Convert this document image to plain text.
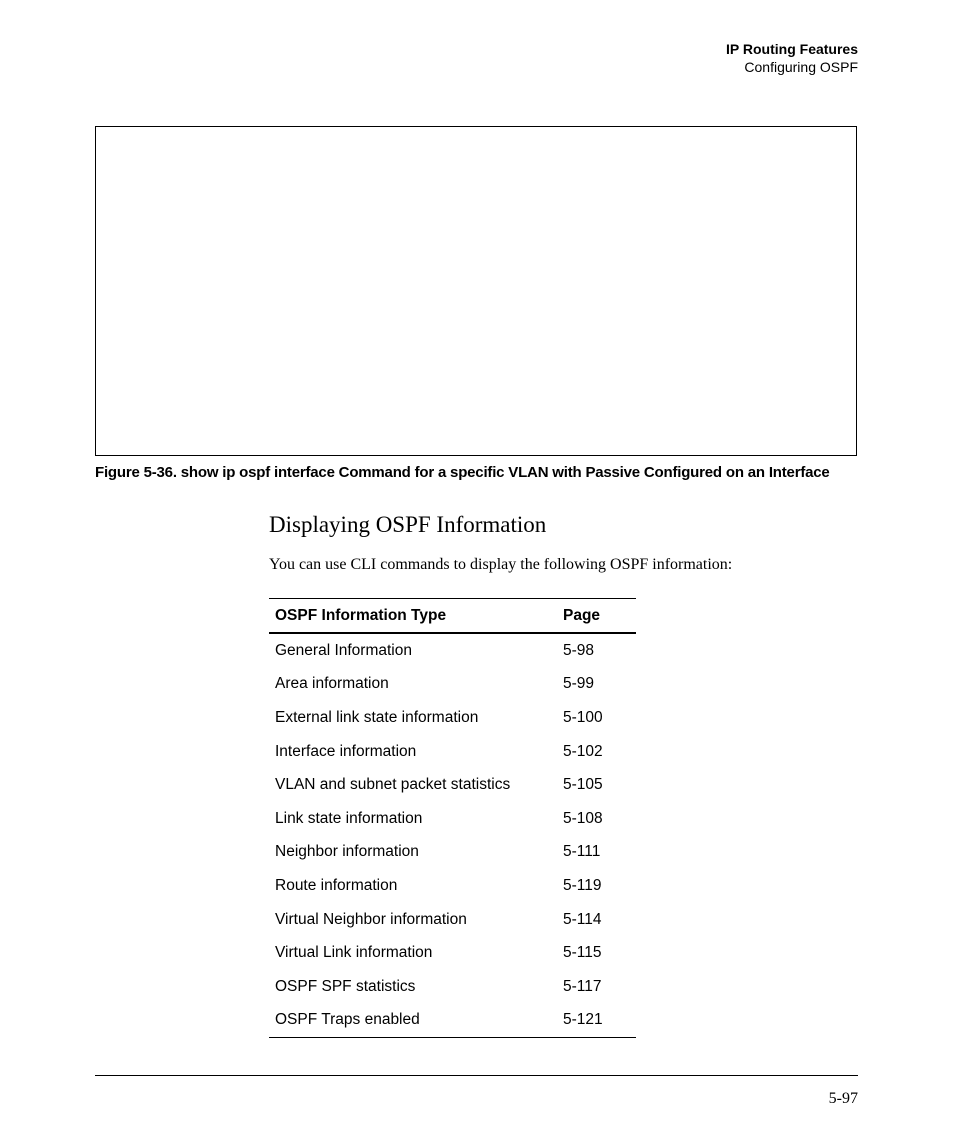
IP Routing Features
Configuring OSPF
Figure 5-36. show ip ospf interface Command for a specific VLAN with Passive Configured on an Interface
Displaying OSPF Information

You can use CLI commands to display the following OSPF information:

OSPF Information Type	Page
General Information	5-98
Area information	5-99
External link state information	5-100
Interface information	5-102
VLAN and subnet packet statistics	5-105
Link state information	5-108
Neighbor information	5-111
Route information	5-119
Virtual Neighbor information	5-114
Virtual Link information	5-115
OSPF SPF statistics	5-117
OSPF Traps enabled	5-121
5-97
